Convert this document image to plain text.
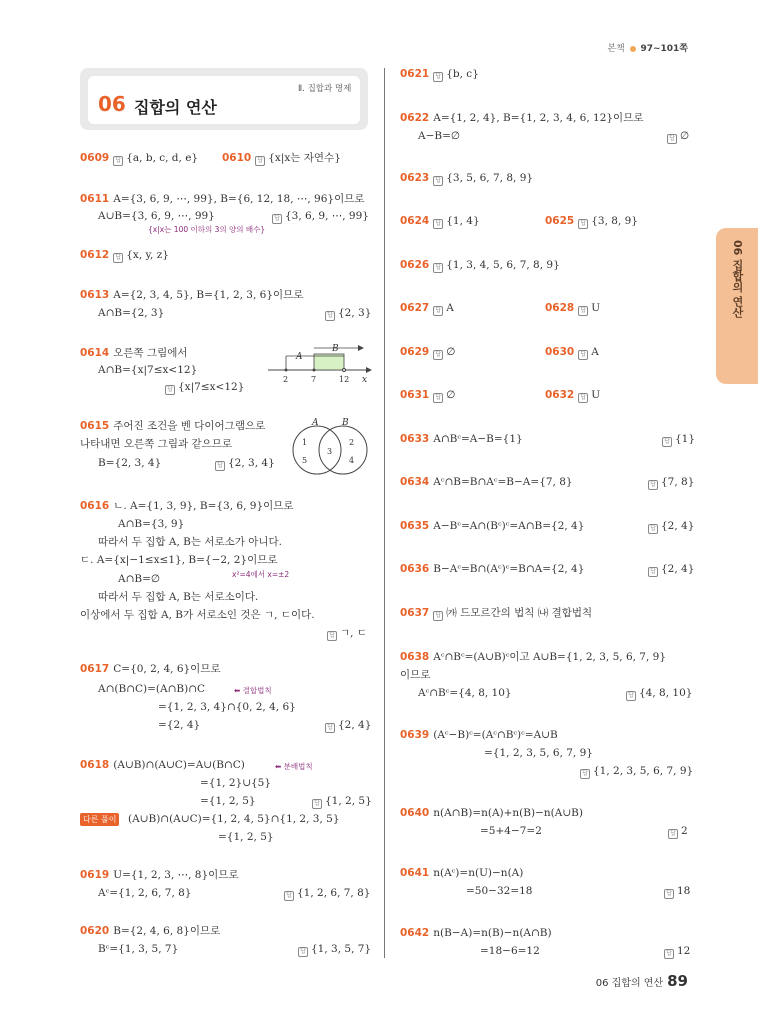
본책 97~101쪽
Ⅱ. 집합과 명제
06 집합의 연산
06 집합의 연산
0609 답 {a, b, c, d, e} 0610 답 {x|x는 자연수}
0611 A={3, 6, 9, ⋯, 99}, B={6, 12, 18, ⋯, 96}이므로
A∪B={3, 6, 9, ⋯, 99}
{x|x는 100 이하의 3의 양의 배수}
답 {3, 6, 9, ⋯, 99}
0612 답 {x, y, z}
0613 A={2, 3, 4, 5}, B={1, 2, 3, 6}이므로
A∩B={2, 3}	답 {2, 3}
0614 오른쪽 그림에서
A∩B={x|7≤x<12}
답 {x|7≤x<12}
A
B
x
2	7	12
0615 주어진 조건을 벤 다이어그램으로
나타내면 오른쪽 그림과 같으므로
B={2, 3, 4}	답 {2, 3, 4}
A	B
1
5
3
2
4
0616 ㄴ. A={1, 3, 9}, B={3, 6, 9}이므로
A∩B={3, 9}
따라서 두 집합 A, B는 서로소가 아니다.
ㄷ. A={x|−1≤x≤1}, B={−2, 2}이므로
x²=4에서 x=±2
A∩B=∅
따라서 두 집합 A, B는 서로소이다.
이상에서 두 집합 A, B가 서로소인 것은 ㄱ, ㄷ이다.
답 ㄱ, ㄷ
0617 C={0, 2, 4, 6}이므로
A∩(B∩C)=(A∩B)∩C	⬅ 결합법칙
={1, 2, 3, 4}∩{0, 2, 4, 6}
={2, 4}	답 {2, 4}
0618 (A∪B)∩(A∪C)=A∪(B∩C)	⬅ 분배법칙
={1, 2}∪{5}
={1, 2, 5}	답 {1, 2, 5}
다른 풀이 (A∪B)∩(A∪C)={1, 2, 4, 5}∩{1, 2, 3, 5}
={1, 2, 5}
0619 U={1, 2, 3, ⋯, 8}이므로
Aᶜ={1, 2, 6, 7, 8}	답 {1, 2, 6, 7, 8}
0620 B={2, 4, 6, 8}이므로
Bᶜ={1, 3, 5, 7}	답 {1, 3, 5, 7}
0621 답 {b, c}
0622 A={1, 2, 4}, B={1, 2, 3, 4, 6, 12}이므로
A−B=∅	답 ∅
0623 답 {3, 5, 6, 7, 8, 9}
0624 답 {1, 4}	0625 답 {3, 8, 9}
0626 답 {1, 3, 4, 5, 6, 7, 8, 9}
0627 답 A	0628 답 U
0629 답 ∅	0630 답 A
0631 답 ∅	0632 답 U
0633 A∩Bᶜ=A−B={1}	답 {1}
0634 Aᶜ∩B=B∩Aᶜ=B−A={7, 8}	답 {7, 8}
0635 A−Bᶜ=A∩(Bᶜ)ᶜ=A∩B={2, 4}	답 {2, 4}
0636 B−Aᶜ=B∩(Aᶜ)ᶜ=B∩A={2, 4}	답 {2, 4}
0637 답 ㈎ 드모르간의 법칙 ㈏ 결합법칙
0638 Aᶜ∩Bᶜ=(A∪B)ᶜ이고 A∪B={1, 2, 3, 5, 6, 7, 9}
이므로
Aᶜ∩Bᶜ={4, 8, 10}	답 {4, 8, 10}
0639 (Aᶜ−B)ᶜ=(Aᶜ∩Bᶜ)ᶜ=A∪B
={1, 2, 3, 5, 6, 7, 9}
답 {1, 2, 3, 5, 6, 7, 9}
0640 n(A∩B)=n(A)+n(B)−n(A∪B)
=5+4−7=2	답 2
0641 n(Aᶜ)=n(U)−n(A)
=50−32=18	답 18
0642 n(B−A)=n(B)−n(A∩B)
=18−6=12	답 12
06 집합의 연산 89
